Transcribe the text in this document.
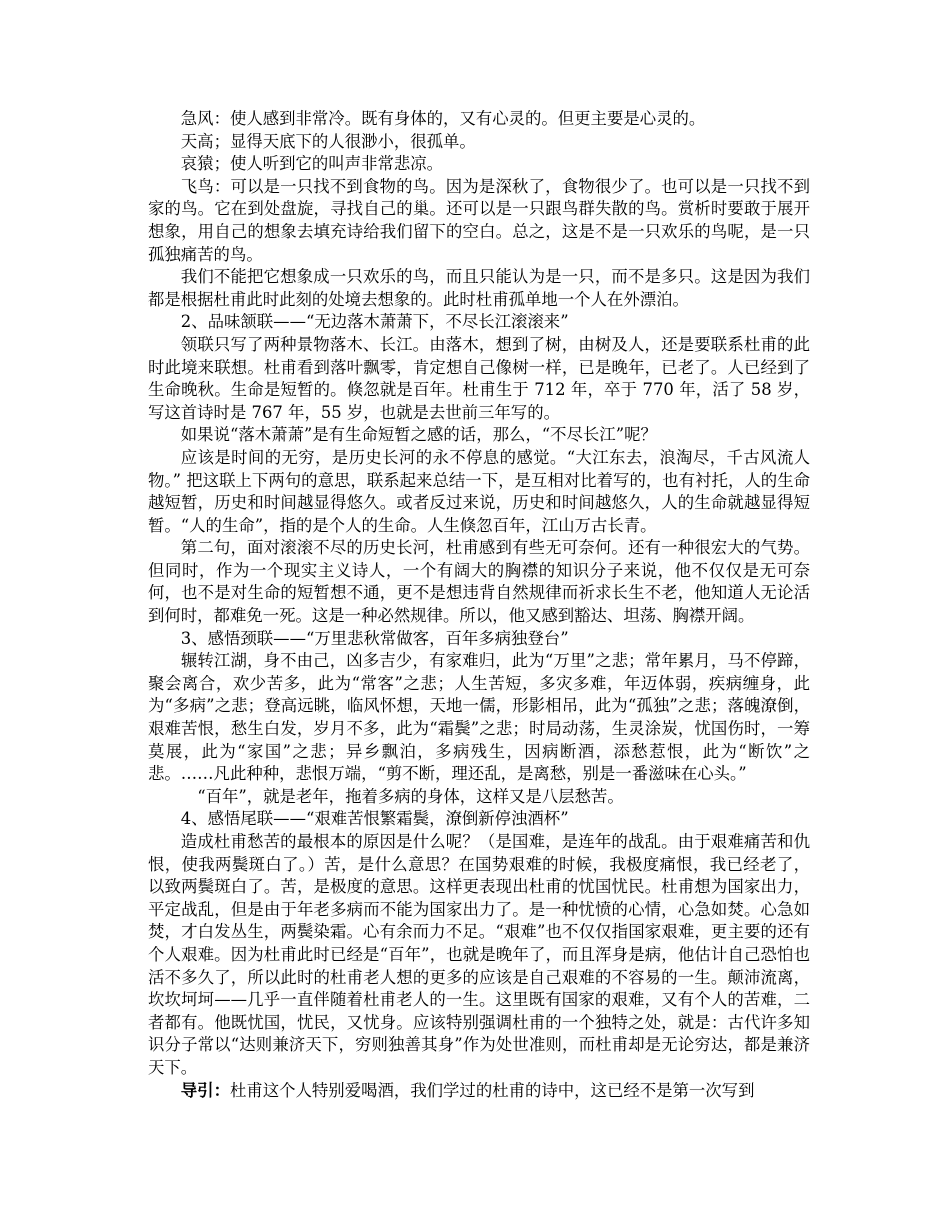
急风：使人感到非常冷。既有身体的，又有心灵的。但更主要是心灵的。

天高；显得天底下的人很渺小，很孤单。

哀猿；使人听到它的叫声非常悲凉。

飞鸟：可以是一只找不到食物的鸟。因为是深秋了，食物很少了。也可以是一只找不到家的鸟。它在到处盘旋，寻找自己的巢。还可以是一只跟鸟群失散的鸟。赏析时要敢于展开想象，用自己的想象去填充诗给我们留下的空白。总之，这是不是一只欢乐的鸟呢，是一只孤独痛苦的鸟。

我们不能把它想象成一只欢乐的鸟，而且只能认为是一只，而不是多只。这是因为我们都是根据杜甫此时此刻的处境去想象的。此时杜甫孤单地一个人在外漂泊。

2、品味颔联——“无边落木萧萧下，不尽长江滚滚来”

领联只写了两种景物落木、长江。由落木，想到了树，由树及人，还是要联系杜甫的此时此境来联想。杜甫看到落叶飘零，肯定想自己像树一样，已是晚年，已老了。人已经到了生命晚秋。生命是短暂的。倏忽就是百年。杜甫生于 712 年，卒于 770 年，活了 58 岁，写这首诗时是 767 年，55 岁，也就是去世前三年写的。

如果说“落木萧萧”是有生命短暂之感的话，那么，“不尽长江”呢？

应该是时间的无穷，是历史长河的永不停息的感觉。“大江东去，浪淘尽，千古风流人物。” 把这联上下两句的意思，联系起来总结一下，是互相对比着写的，也有衬托，人的生命越短暂，历史和时间越显得悠久。或者反过来说，历史和时间越悠久，人的生命就越显得短暂。“人的生命”，指的是个人的生命。人生倏忽百年，江山万古长青。

第二句，面对滚滚不尽的历史长河，杜甫感到有些无可奈何。还有一种很宏大的气势。但同时，作为一个现实主义诗人，一个有阔大的胸襟的知识分子来说，他不仅仅是无可奈何，也不是对生命的短暂想不通，更不是想违背自然规律而祈求长生不老，他知道人无论活到何时，都难免一死。这是一种必然规律。所以，他又感到豁达、坦荡、胸襟开阔。

3、感悟颈联——“万里悲秋常做客，百年多病独登台”

辗转江湖，身不由己，凶多吉少，有家难归，此为“万里”之悲；常年累月，马不停蹄，聚会离合，欢少苦多，此为“常客”之悲；人生苦短，多灾多难，年迈体弱，疾病缠身，此为“多病”之悲；登高远眺，临风怀想，天地一儒，形影相吊，此为“孤独”之悲；落魄潦倒，艰难苦恨，愁生白发，岁月不多，此为“霜鬓”之悲；时局动荡，生灵涂炭，忧国伤时，一筹莫展，此为“家国”之悲；异乡飘泊，多病残生，因病断酒，添愁惹恨，此为“断饮”之悲。……凡此种种，悲恨万端，“剪不断，理还乱，是离愁，别是一番滋味在心头。”

“百年”，就是老年，拖着多病的身体，这样又是八层愁苦。

4、感悟尾联——“艰难苦恨繁霜鬓，潦倒新停浊酒杯”

造成杜甫愁苦的最根本的原因是什么呢？（是国难，是连年的战乱。由于艰难痛苦和仇恨，使我两鬓斑白了。）苦，是什么意思？在国势艰难的时候，我极度痛恨，我已经老了，以致两鬓斑白了。苦，是极度的意思。这样更表现出杜甫的忧国忧民。杜甫想为国家出力，平定战乱，但是由于年老多病而不能为国家出力了。是一种忧愤的心情，心急如焚。心急如焚，才白发丛生，两鬓染霜。心有余而力不足。“艰难”也不仅仅指国家艰难，更主要的还有个人艰难。因为杜甫此时已经是“百年”，也就是晚年了，而且浑身是病，他估计自己恐怕也活不多久了，所以此时的杜甫老人想的更多的应该是自己艰难的不容易的一生。颠沛流离，坎坎坷坷——几乎一直伴随着杜甫老人的一生。这里既有国家的艰难，又有个人的苦难，二者都有。他既忧国，忧民，又忧身。应该特别强调杜甫的一个独特之处，就是：古代许多知识分子常以“达则兼济天下，穷则独善其身”作为处世准则，而杜甫却是无论穷达，都是兼济天下。

导引：杜甫这个人特别爱喝酒，我们学过的杜甫的诗中，这已经不是第一次写到
